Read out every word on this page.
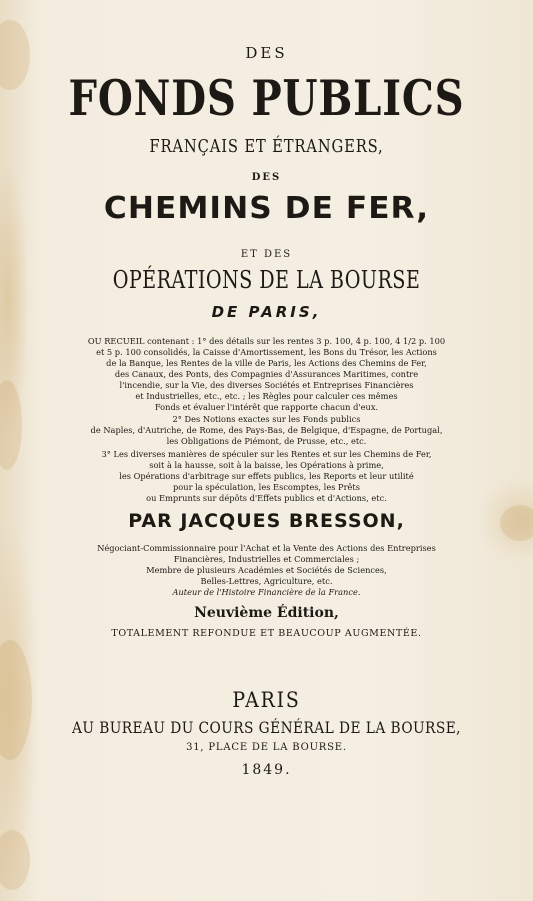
DES
FONDS PUBLICS
FRANÇAIS ET ÉTRANGERS,
DES
CHEMINS DE FER,
ET DES
OPÉRATIONS DE LA BOURSE
DE PARIS,
OU RECUEIL contenant : 1° des détails sur les rentes 3 p. 100, 4 p. 100, 4 1/2 p. 100
et 5 p. 100 consolidés, la Caisse d'Amortissement, les Bons du Trésor, les Actions
de la Banque, les Rentes de la ville de Paris, les Actions des Chemins de Fer,
des Canaux, des Ponts, des Compagnies d'Assurances Maritimes, contre
l'incendie, sur la Vie, des diverses Sociétés et Entreprises Financières
et Industrielles, etc., etc. ; les Règles pour calculer ces mêmes
Fonds et évaluer l'intérêt que rapporte chacun d'eux.
2° Des Notions exactes sur les Fonds publics
de Naples, d'Autriche, de Rome, des Pays-Bas, de Belgique, d'Espagne, de Portugal,
les Obligations de Piémont, de Prusse, etc., etc.
3° Les diverses manières de spéculer sur les Rentes et sur les Chemins de Fer,
soit à la hausse, soit à la baisse, les Opérations à prime,
les Opérations d'arbitrage sur effets publics, les Reports et leur utilité
pour la spéculation, les Escomptes, les Prêts
ou Emprunts sur dépôts d'Effets publics et d'Actions, etc.
PAR JACQUES BRESSON,
Négociant-Commissionnaire pour l'Achat et la Vente des Actions des Entreprises
Financières, Industrielles et Commerciales ;
Membre de plusieurs Académies et Sociétés de Sciences,
Belles-Lettres, Agriculture, etc.
Auteur de l'Histoire Financière de la France.
Neuvième Édition,
TOTALEMENT REFONDUE ET BEAUCOUP AUGMENTÉE.
PARIS
AU BUREAU DU COURS GÉNÉRAL DE LA BOURSE,
31, PLACE DE LA BOURSE.
1849.
